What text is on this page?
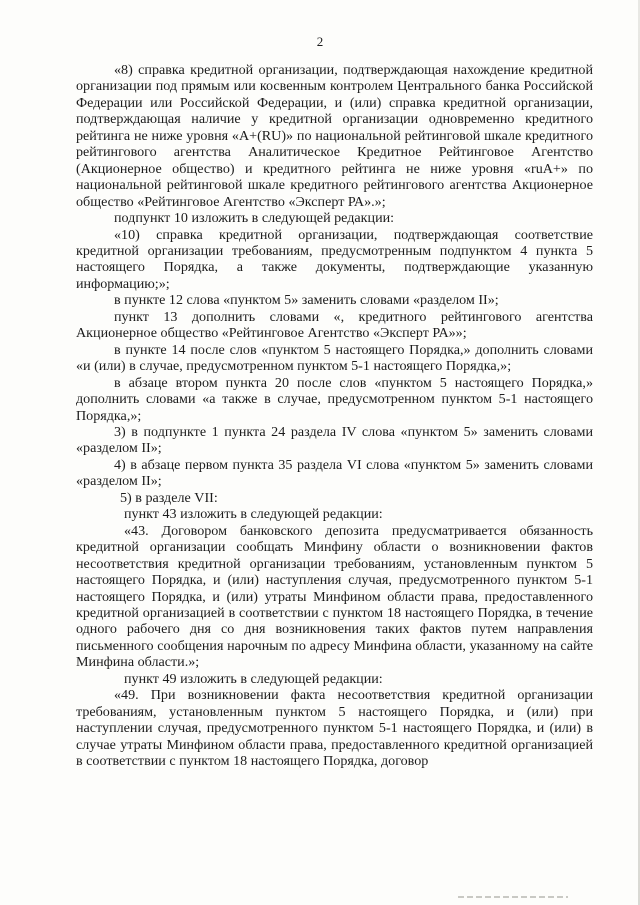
2

«8) справка кредитной организации, подтверждающая нахождение кредитной организации под прямым или косвенным контролем Центрального банка Российской Федерации или Российской Федерации, и (или) справка кредитной организации, подтверждающая наличие у кредитной организации одновременно кредитного рейтинга не ниже уровня «A+(RU)» по национальной рейтинговой шкале кредитного рейтингового агентства Аналитическое Кредитное Рейтинговое Агентство (Акционерное общество) и кредитного рейтинга не ниже уровня «ruA+» по национальной рейтинговой шкале кредитного рейтингового агентства Акционерное общество «Рейтинговое Агентство «Эксперт РА».»;

подпункт 10 изложить в следующей редакции:

«10) справка кредитной организации, подтверждающая соответствие кредитной организации требованиям, предусмотренным подпунктом 4 пункта 5 настоящего Порядка, а также документы, подтверждающие указанную информацию;»;

в пункте 12 слова «пунктом 5» заменить словами «разделом II»;

пункт 13 дополнить словами «, кредитного рейтингового агентства Акционерное общество «Рейтинговое Агентство «Эксперт РА»»;

в пункте 14 после слов «пунктом 5 настоящего Порядка,» дополнить словами «и (или) в случае, предусмотренном пунктом 5-1 настоящего Порядка,»;

в абзаце втором пункта 20 после слов «пунктом 5 настоящего Порядка,» дополнить словами «а также в случае, предусмотренном пунктом 5-1 настоящего Порядка,»;

3) в подпункте 1 пункта 24 раздела IV слова «пунктом 5» заменить словами «разделом II»;

4) в абзаце первом пункта 35 раздела VI слова «пунктом 5» заменить словами «разделом II»;

5) в разделе VII:

пункт 43 изложить в следующей редакции:

«43. Договором банковского депозита предусматривается обязанность кредитной организации сообщать Минфину области о возникновении фактов несоответствия кредитной организации требованиям, установленным пунктом 5 настоящего Порядка, и (или) наступления случая, предусмотренного пунктом 5-1 настоящего Порядка, и (или) утраты Минфином области права, предоставленного кредитной организацией в соответствии с пунктом 18 настоящего Порядка, в течение одного рабочего дня со дня возникновения таких фактов путем направления письменного сообщения нарочным по адресу Минфина области, указанному на сайте Минфина области.»;

пункт 49 изложить в следующей редакции:

«49. При возникновении факта несоответствия кредитной организации требованиям, установленным пунктом 5 настоящего Порядка, и (или) при наступлении случая, предусмотренного пунктом 5-1 настоящего Порядка, и (или) в случае утраты Минфином области права, предоставленного кредитной организацией в соответствии с пунктом 18 настоящего Порядка, договор
